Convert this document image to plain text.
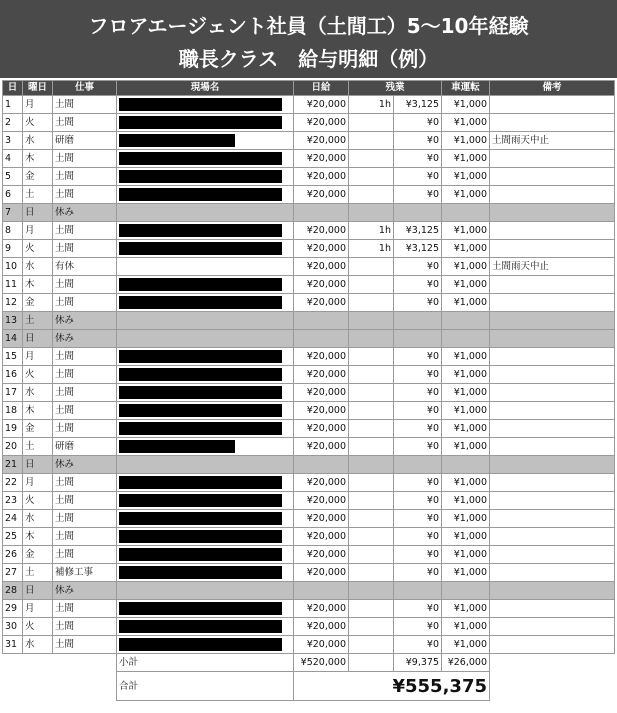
フロアエージェント社員（土間工）5～10年経験
職長クラス　給与明細（例）
日	曜日	仕事	現場名	日給	残業		車運転	備考
1	月	土間		¥20,000	1h	¥3,125	¥1,000	
2	火	土間		¥20,000		¥0	¥1,000	
3	水	研磨		¥20,000		¥0	¥1,000	土間雨天中止
4	木	土間		¥20,000		¥0	¥1,000	
5	金	土間		¥20,000		¥0	¥1,000	
6	土	土間		¥20,000		¥0	¥1,000	
7	日	休み						
8	月	土間		¥20,000	1h	¥3,125	¥1,000	
9	火	土間		¥20,000	1h	¥3,125	¥1,000	
10	水	有休		¥20,000		¥0	¥1,000	土間雨天中止
11	木	土間		¥20,000		¥0	¥1,000	
12	金	土間		¥20,000		¥0	¥1,000	
13	土	休み						
14	日	休み						
15	月	土間		¥20,000		¥0	¥1,000	
16	火	土間		¥20,000		¥0	¥1,000	
17	水	土間		¥20,000		¥0	¥1,000	
18	木	土間		¥20,000		¥0	¥1,000	
19	金	土間		¥20,000		¥0	¥1,000	
20	土	研磨		¥20,000		¥0	¥1,000	
21	日	休み						
22	月	土間		¥20,000		¥0	¥1,000	
23	火	土間		¥20,000		¥0	¥1,000	
24	水	土間		¥20,000		¥0	¥1,000	
25	木	土間		¥20,000		¥0	¥1,000	
26	金	土間		¥20,000		¥0	¥1,000	
27	土	補修工事		¥20,000		¥0	¥1,000	
28	日	休み						
29	月	土間		¥20,000		¥0	¥1,000	
30	火	土間		¥20,000		¥0	¥1,000	
31	水	土間		¥20,000		¥0	¥1,000	
			小計	¥520,000		¥9,375	¥26,000	
			合計	¥555,375				
